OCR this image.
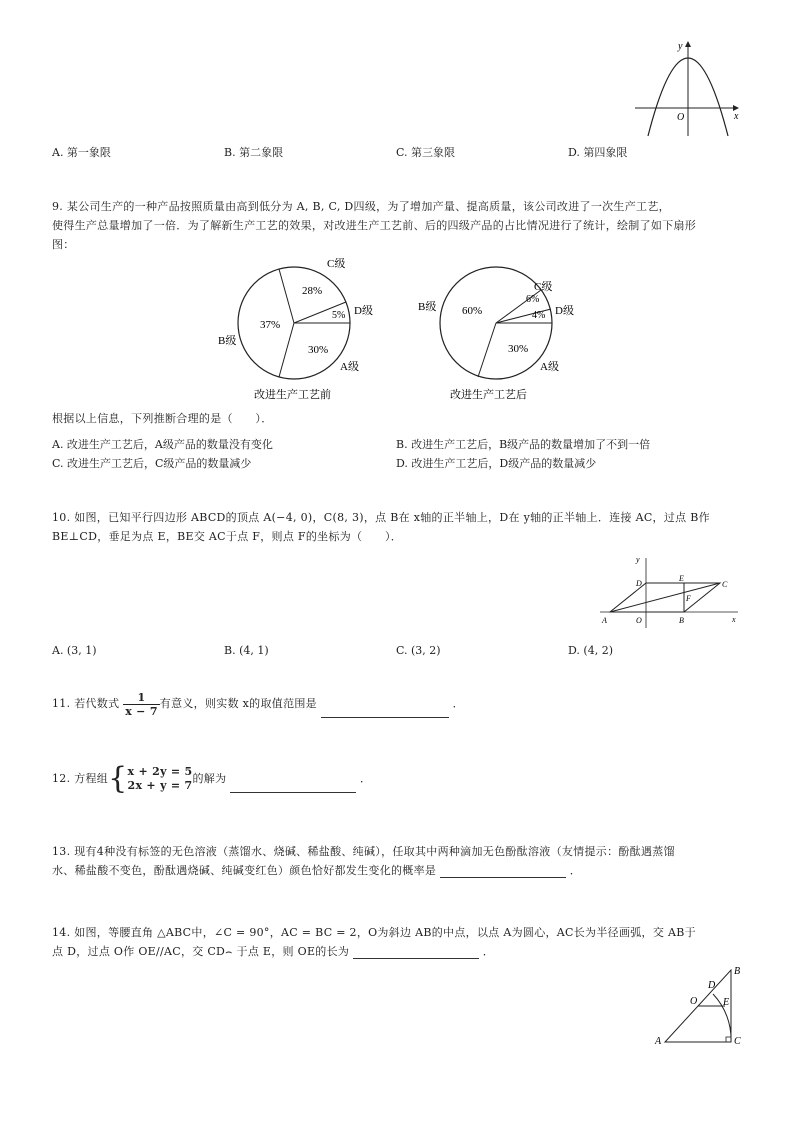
y
x
O
A. 第一象限	B. 第二象限	C. 第三象限	D. 第四象限
9. 某公司生产的一种产品按照质量由高到低分为 A, B, C, D四级，为了增加产量、提高质量，该公司改进了一次生产工艺，
使得生产总量增加了一倍．为了解新生产工艺的效果，对改进生产工艺前、后的四级产品的占比情况进行了统计，绘制了如下扇形
图：
C级
D级
B级
A级
28%
5%
37%
30%
改进生产工艺前
C级
D级
B级
A级
6%
4%
60%
30%
改进生产工艺后
根据以上信息，下列推断合理的是（　　）．
A. 改进生产工艺后，A级产品的数量没有变化	B. 改进生产工艺后，B级产品的数量增加了不到一倍
C. 改进生产工艺后，C级产品的数量减少	D. 改进生产工艺后，D级产品的数量减少
10. 如图，已知平行四边形 ABCD的顶点 A(−4, 0)，C(8, 3)，点 B在 x轴的正半轴上，D在 y轴的正半轴上．连接 AC，过点 B作
BE⊥CD，垂足为点 E，BE交 AC于点 F，则点 F的坐标为（　　）．
y
x
O
A	B
C
D
E
F
A. (3, 1)	B. (4, 1)	C. (3, 2)	D. (4, 2)
11. 若代数式 $\frac{1}{x - 7}$ 有意义，则实数 x的取值范围是	．
12. 方程组{ x + 2y = 5
2x + y = 7
的解为	．
13. 现有4种没有标签的无色溶液（蒸馏水、烧碱、稀盐酸、纯碱），任取其中两种滴加无色酚酞溶液（友情提示：酚酞遇蒸馏
水、稀盐酸不变色，酚酞遇烧碱、纯碱变红色）颜色恰好都发生变化的概率是	．
14. 如图，等腰直角 △ABC中，∠C = 90°，AC = BC = 2，O为斜边 AB的中点，以点 A为圆心，AC长为半径画弧，交 AB于
点 D，过点 O作 OE//AC，交 CD⌢ 于点 E，则 OE的长为	．
A
B
C
D
O	E
